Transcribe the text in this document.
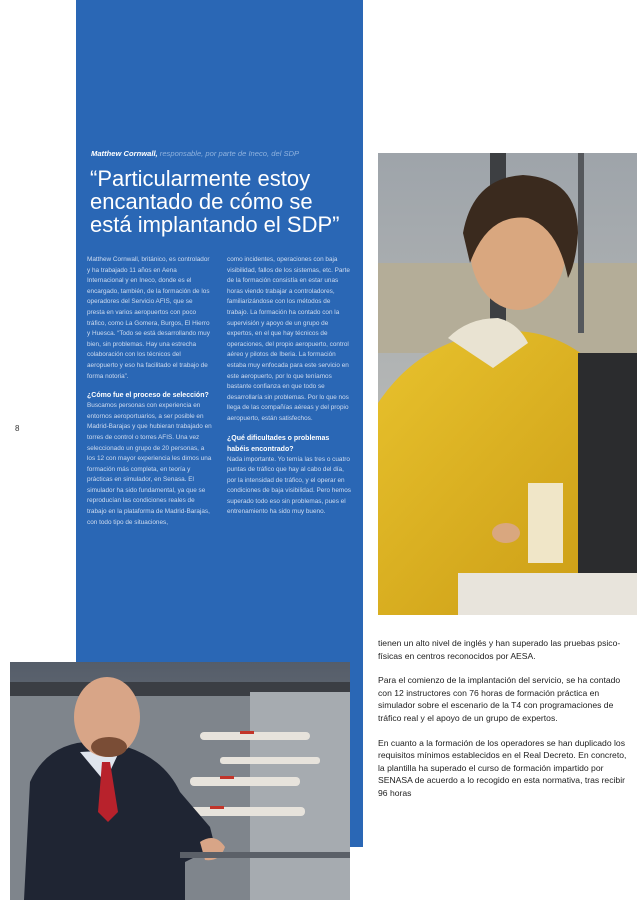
8
Matthew Cornwall, responsable, por parte de Ineco, del SDP
“Particularmente estoy encantado de cómo se está implantando el SDP”

Matthew Cornwall, británico, es controlador y ha trabajado 11 años en Aena Internacional y en Ineco, donde es el encargado, también, de la formación de los operadores del Servicio AFIS, que se presta en varios aeropuertos con poco tráfico, como La Gomera, Burgos, El Hierro y Huesca. “Todo se está desarrollando muy bien, sin problemas. Hay una estrecha colaboración con los técnicos del aeropuerto y eso ha facilitado el trabajo de forma notoria”.

¿Cómo fue el proceso de selección?

Buscamos personas con experiencia en entornos aeroportuarios, a ser posible en Madrid-Barajas y que hubieran trabajado en torres de control o torres AFIS. Una vez seleccionado un grupo de 20 personas, a los 12 con mayor experiencia les dimos una formación más completa, en teoría y prácticas en simulador, en Senasa. El simulador ha sido fundamental, ya que se reproducían las condiciones reales de trabajo en la plataforma de Madrid-Barajas, con todo tipo de situaciones,

como incidentes, operaciones con baja visibilidad, fallos de los sistemas, etc. Parte de la formación consistía en estar unas horas viendo trabajar a controladores, familiarizándose con los métodos de trabajo. La formación ha contado con la supervisión y apoyo de un grupo de expertos, en el que hay técnicos de operaciones, del propio aeropuerto, control aéreo y pilotos de Iberia. La formación estaba muy enfocada para este servicio en este aeropuerto, por lo que teníamos bastante confianza en que todo se desarrollaría sin problemas. Por lo que nos llega de las compañías aéreas y del propio aeropuerto, están satisfechos.

¿Qué dificultades o problemas habéis encontrado?

Nada importante. Yo temía las tres o cuatro puntas de tráfico que hay al cabo del día, por la intensidad de tráfico, y el operar en condiciones de baja visibilidad. Pero hemos superado todo eso sin problemas, pues el entrenamiento ha sido muy bueno.

tienen un alto nivel de inglés y han superado las pruebas psico-físicas en centros reconocidos por AESA.

Para el comienzo de la implantación del servicio, se ha contado con 12 instructores con 76 horas de formación práctica en simulador sobre el escenario de la T4 con programaciones de tráfico real y el apoyo de un grupo de expertos.

En cuanto a la formación de los operadores se han duplicado los requisitos mínimos establecidos en el Real Decreto. En concreto, la plantilla ha superado el curso de formación impartido por SENASA de acuerdo a lo recogido en esta normativa, tras recibir 96 horas
